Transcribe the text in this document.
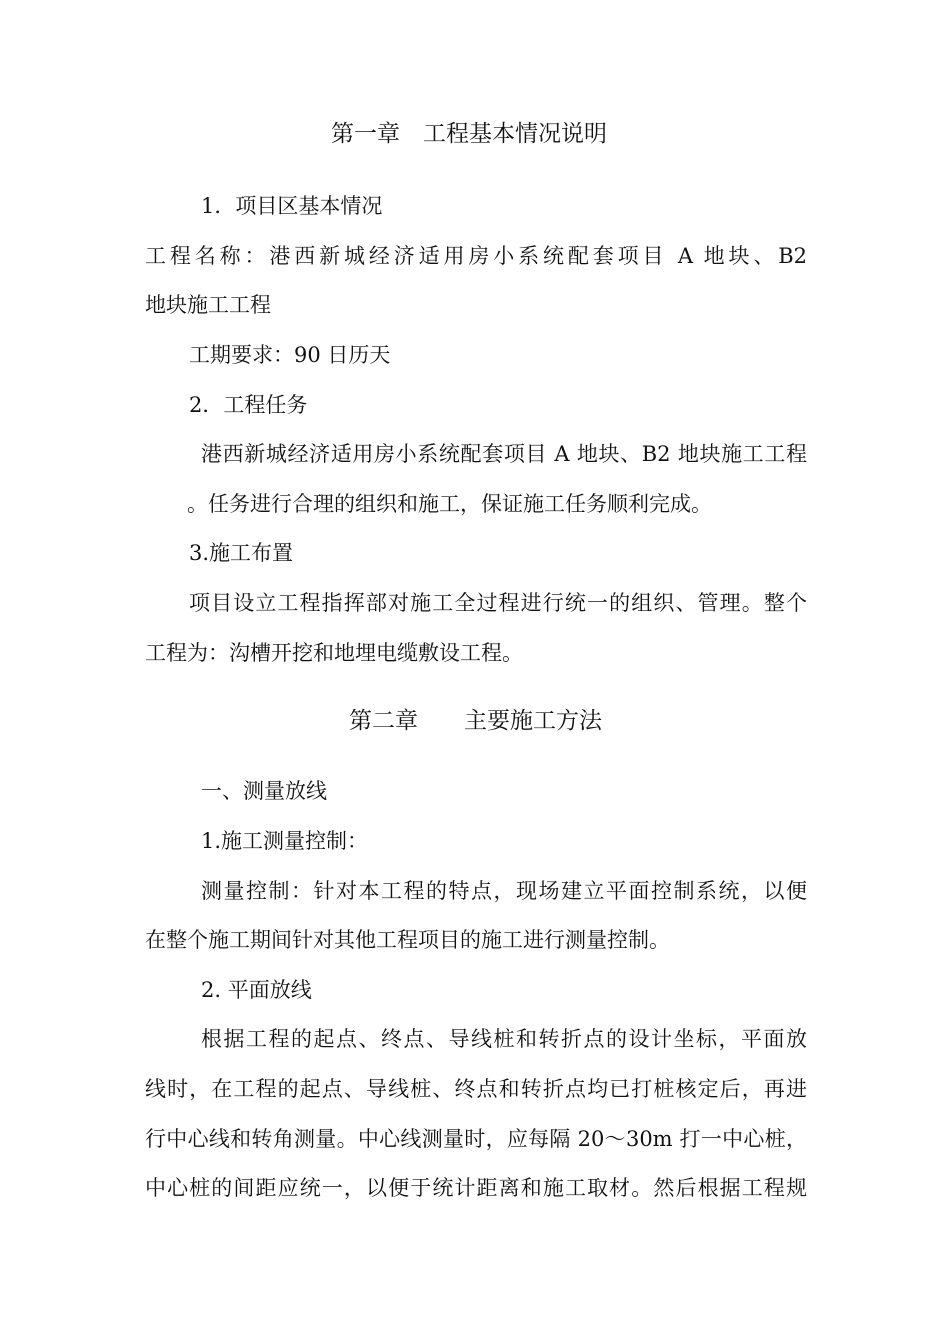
第一章　工程基本情况说明
1．项目区基本情况
工程名称：港西新城经济适用房小系统配套项目 A 地块、B2
地块施工工程
工期要求：90 日历天
2．工程任务
港西新城经济适用房小系统配套项目 A 地块、B2 地块施工工程
。任务进行合理的组织和施工，保证施工任务顺利完成。
3.施工布置
项目设立工程指挥部对施工全过程进行统一的组织、管理。整个
工程为：沟槽开挖和地埋电缆敷设工程。
第二章　　主要施工方法
一、测量放线
1.施工测量控制：
测量控制：针对本工程的特点，现场建立平面控制系统，以便
在整个施工期间针对其他工程项目的施工进行测量控制。
2. 平面放线
根据工程的起点、终点、导线桩和转折点的设计坐标，平面放
线时，在工程的起点、导线桩、终点和转折点均已打桩核定后，再进
行中心线和转角测量。中心线测量时，应每隔 20～30m 打一中心桩，
中心桩的间距应统一，以便于统计距离和施工取材。然后根据工程规
